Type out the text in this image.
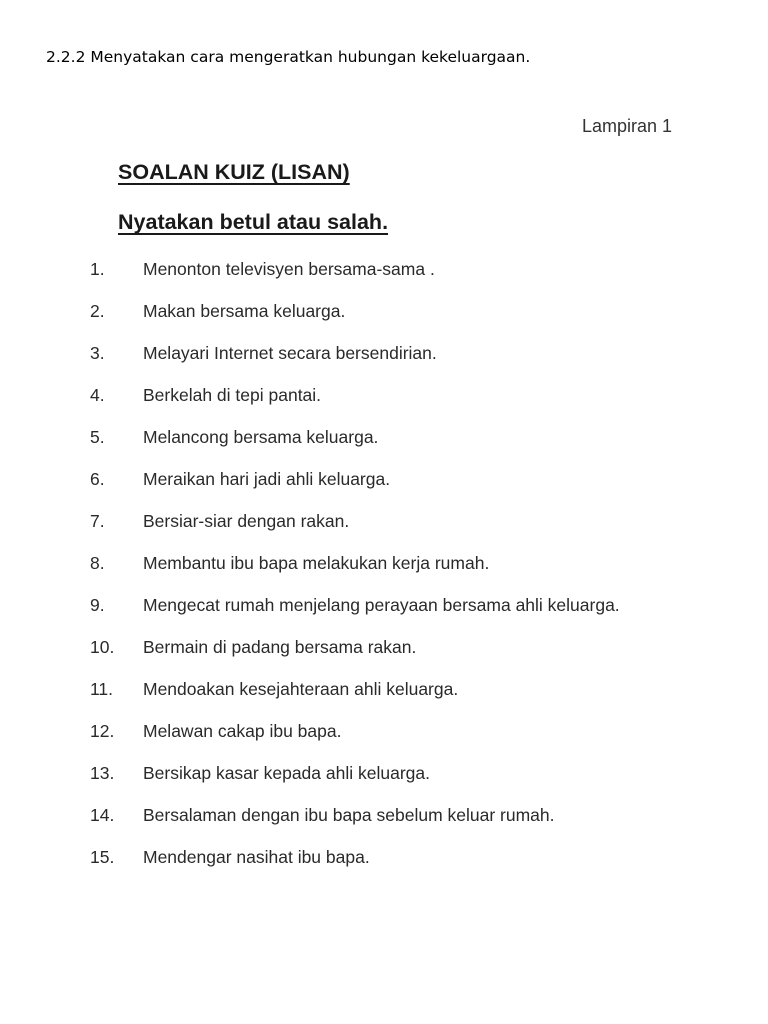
2.2.2 Menyatakan cara mengeratkan hubungan kekeluargaan.
Lampiran 1
SOALAN KUIZ (LISAN)
Nyatakan betul atau salah.
1.	Menonton televisyen bersama-sama .
2.	Makan bersama keluarga.
3.	Melayari Internet secara bersendirian.
4.	Berkelah di tepi pantai.
5.	Melancong bersama keluarga.
6.	Meraikan hari jadi ahli keluarga.
7.	Bersiar-siar dengan rakan.
8.	Membantu ibu bapa melakukan kerja rumah.
9.	Mengecat rumah menjelang perayaan bersama ahli keluarga.
10.	Bermain di padang bersama rakan.
11.	Mendoakan kesejahteraan ahli keluarga.
12.	Melawan cakap ibu bapa.
13.	Bersikap kasar kepada ahli keluarga.
14.	Bersalaman dengan ibu bapa sebelum keluar rumah.
15.	Mendengar nasihat ibu bapa.
